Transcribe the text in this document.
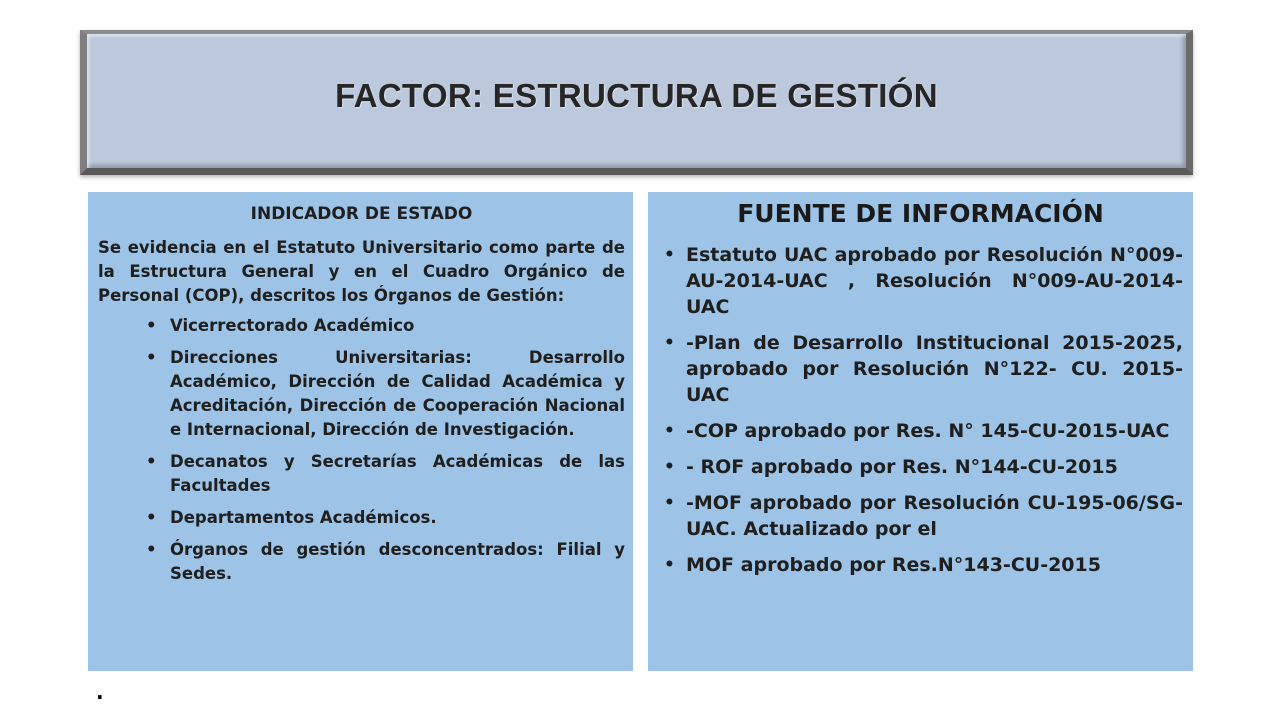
FACTOR: ESTRUCTURA DE GESTIÓN
INDICADOR DE ESTADO

Se evidencia en el Estatuto Universitario como parte de la Estructura General y en el Cuadro Orgánico de Personal (COP), descritos los Órganos de Gestión:

• Vicerrectorado Académico
• Direcciones Universitarias: Desarrollo Académico, Dirección de Calidad Académica y Acreditación, Dirección de Cooperación Nacional e Internacional, Dirección de Investigación.
• Decanatos y Secretarías Académicas de las Facultades
• Departamentos Académicos.
• Órganos de gestión desconcentrados: Filial y Sedes.
FUENTE DE INFORMACIÓN
• Estatuto UAC aprobado por Resolución N°009-AU-2014-UAC , Resolución N°009-AU-2014-UAC
• -Plan de Desarrollo Institucional 2015-2025, aprobado por Resolución N°122- CU. 2015-UAC
• -COP aprobado por Res. N° 145-CU-2015-UAC
• - ROF aprobado por Res. N°144-CU-2015
• -MOF aprobado por Resolución CU-195-06/SG-UAC. Actualizado por el
• MOF aprobado por Res.N°143-CU-2015
.
